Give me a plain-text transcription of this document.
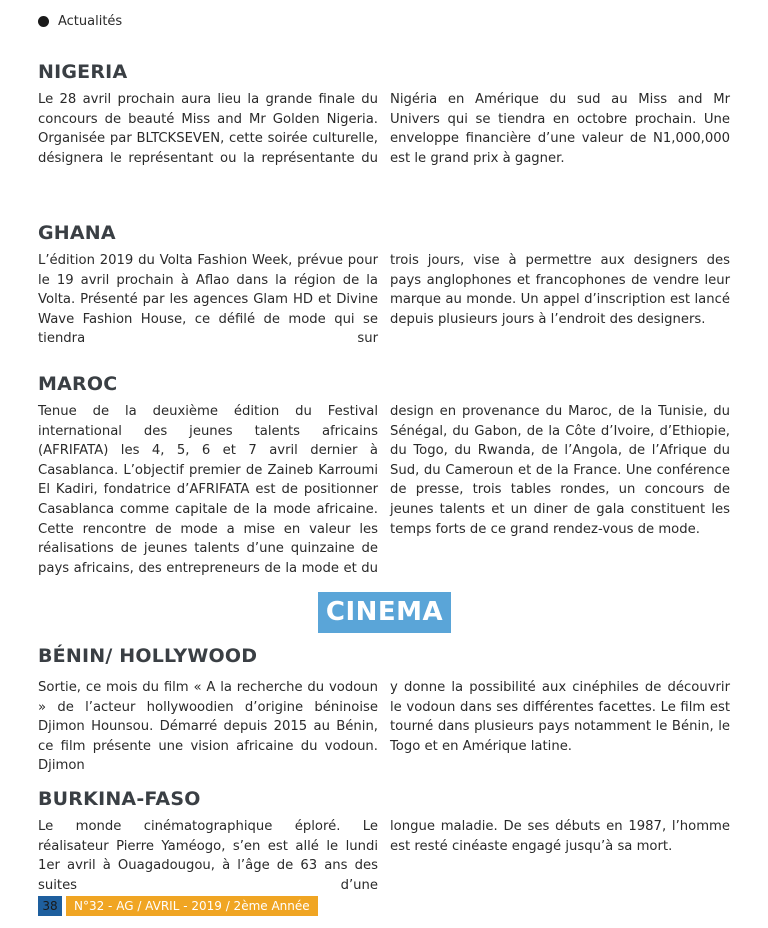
Actualités
NIGERIA

Le 28 avril prochain aura lieu la grande finale du concours de beauté Miss and Mr Golden Nigeria. Organisée par BLTCKSEVEN, cette soirée culturelle, désignera le représentant ou la représentante du

Nigéria en Amérique du sud au Miss and Mr Univers qui se tiendra en octobre prochain. Une enveloppe financière d’une valeur de N1,000,000 est le grand prix à gagner.

GHANA

L’édition 2019 du Volta Fashion Week, prévue pour le 19 avril prochain à Aflao dans la région de la Volta. Présenté par les agences Glam HD et Divine Wave Fashion House, ce défilé de mode qui se tiendra sur

trois jours, vise à permettre aux designers des pays anglophones et francophones de vendre leur marque au monde. Un appel d’inscription est lancé depuis plusieurs jours à l’endroit des designers.

MAROC

Tenue de la deuxième édition du Festival international des jeunes talents africains (AFRIFATA) les 4, 5, 6 et 7 avril dernier à Casablanca. L’objectif premier de Zaineb Karroumi El Kadiri, fondatrice d’AFRIFATA est de positionner Casablanca comme capitale de la mode africaine. Cette rencontre de mode a mise en valeur les réalisations de jeunes talents d’une quinzaine de pays africains, des entrepreneurs de la mode et du

design en provenance du Maroc, de la Tunisie, du Sénégal, du Gabon, de la Côte d’Ivoire, d’Ethiopie, du Togo, du Rwanda, de l’Angola, de l’Afrique du Sud, du Cameroun et de la France. Une conférence de presse, trois tables rondes, un concours de jeunes talents et un diner de gala constituent les temps forts de ce grand rendez-vous de mode.

CINEMA
BÉNIN/ HOLLYWOOD

Sortie, ce mois du film « A la recherche du vodoun » de l’acteur hollywoodien d’origine béninoise Djimon Hounsou. Démarré depuis 2015 au Bénin, ce film présente une vision africaine du vodoun. Djimon

y donne la possibilité aux cinéphiles de découvrir le vodoun dans ses différentes facettes. Le film est tourné dans plusieurs pays notamment le Bénin, le Togo et en Amérique latine.

BURKINA-FASO

Le monde cinématographique éploré. Le réalisateur Pierre Yaméogo, s’en est allé le lundi 1er avril à Ouagadougou, à l’âge de 63 ans des suites d’une

longue maladie. De ses débuts en 1987, l’homme est resté cinéaste engagé jusqu’à sa mort.

38	N°32 - AG / AVRIL - 2019 / 2ème Année
